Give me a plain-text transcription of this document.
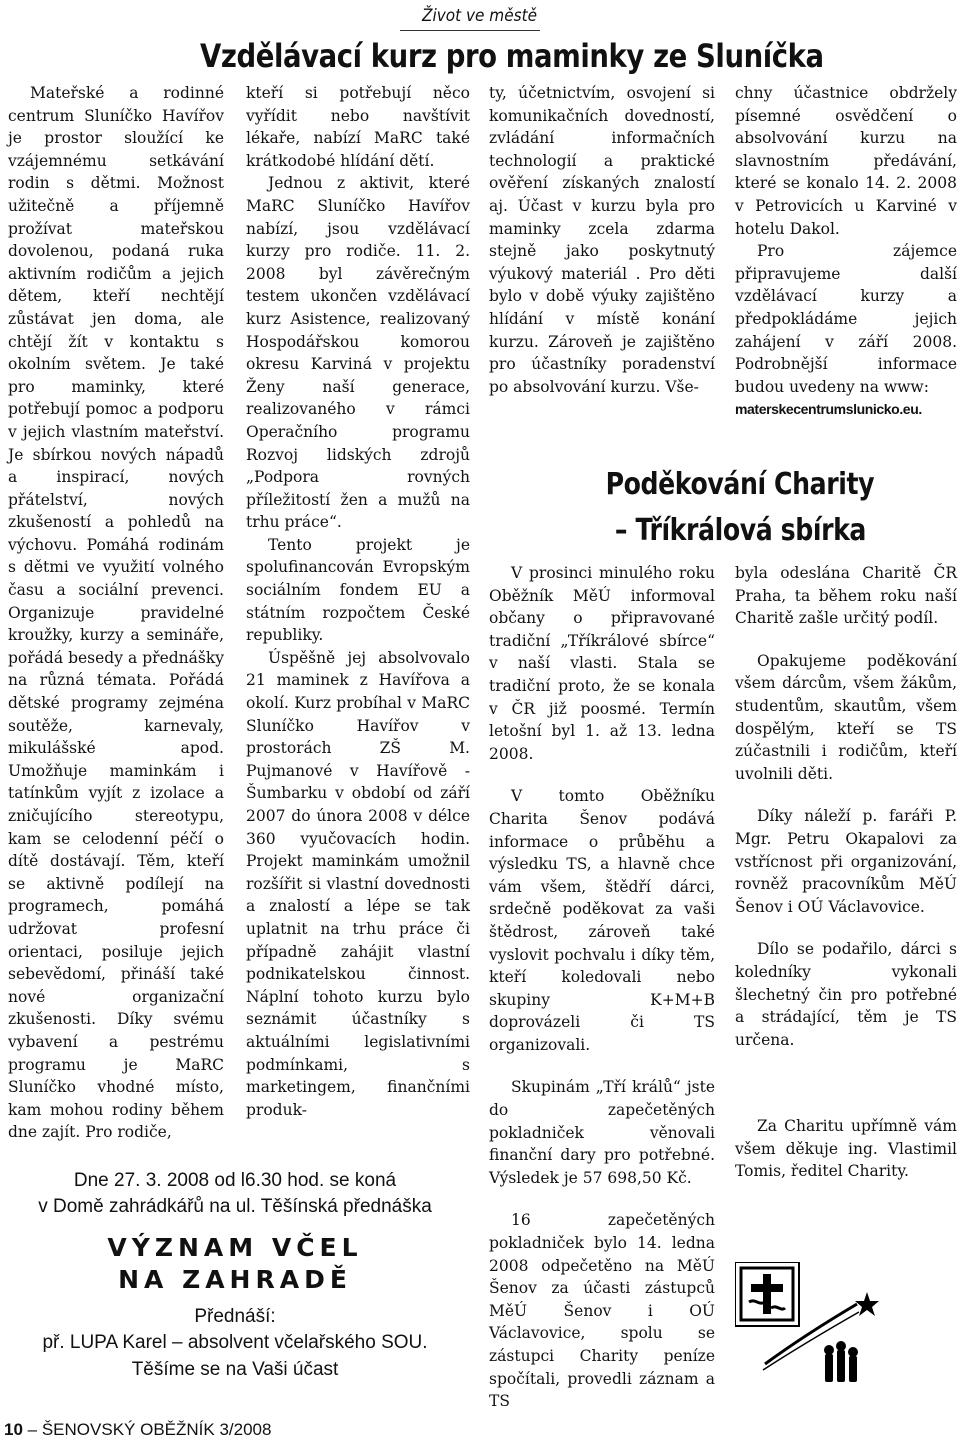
Život ve městě
Vzdělávací kurz pro maminky ze Sluníčka

Mateřské a rodinné centrum Sluníčko Havířov je prostor sloužící ke vzájemnému setkávání rodin s dětmi. Možnost užitečně a příjemně prožívat mateřskou dovolenou, podaná ruka aktivním rodičům a jejich dětem, kteří nechtějí zůstávat jen doma, ale chtějí žít v kontaktu s okolním světem. Je také pro maminky, které potřebují pomoc a podporu v jejich vlastním mateřství. Je sbírkou nových nápadů a inspirací, nových přátelství, nových zkušeností a pohledů na výchovu. Pomáhá rodinám s dětmi ve využití volného času a sociální prevenci. Organizuje pravidelné kroužky, kurzy a semináře, pořádá besedy a přednášky na různá témata. Pořádá dětské programy zejména soutěže, karnevaly, mikulášské apod. Umožňuje maminkám i tatínkům vyjít z izolace a zničujícího stereotypu, kam se celodenní péčí o dítě dostávají. Těm, kteří se aktivně podílejí na programech, pomáhá udržovat profesní orientaci, posiluje jejich sebevědomí, přináší také nové organizační zkušenosti. Díky svému vybavení a pestrému programu je MaRC Sluníčko vhodné místo, kam mohou rodiny během dne zajít. Pro rodiče,

kteří si potřebují něco vyřídit nebo navštívit lékaře, nabízí MaRC také krátkodobé hlídání dětí.

Jednou z aktivit, které MaRC Sluníčko Havířov nabízí, jsou vzdělávací kurzy pro rodiče. 11. 2. 2008 byl závěrečným testem ukončen vzdělávací kurz Asistence, realizovaný Hospodářskou komorou okresu Karviná v projektu Ženy naší generace, realizovaného v rámci Operačního programu Rozvoj lidských zdrojů „Podpora rovných příležitostí žen a mužů na trhu práce“.

Tento projekt je spolufinancován Evropským sociálním fondem EU a státním rozpočtem České republiky.

Úspěšně jej absolvovalo 21 maminek z Havířova a okolí. Kurz probíhal v MaRC Sluníčko Havířov v prostorách ZŠ M. Pujmanové v Havířově - Šumbarku v období od září 2007 do února 2008 v délce 360 vyučovacích hodin. Projekt maminkám umožnil rozšířit si vlastní dovednosti a znalostí a lépe se tak uplatnit na trhu práce či případně zahájit vlastní podnikatelskou činnost. Náplní tohoto kurzu bylo seznámit účastníky s aktuálními legislativními podmínkami, s marketingem, finančními produk-

ty, účetnictvím, osvojení si komunikačních dovedností, zvládání informačních technologií a praktické ověření získaných znalostí aj. Účast v kurzu byla pro maminky zcela zdarma stejně jako poskytnutý výukový materiál . Pro děti bylo v době výuky zajištěno hlídání v místě konání kurzu. Zároveň je zajištěno pro účastníky poradenství po absolvování kurzu. Vše-

chny účastnice obdržely písemné osvědčení o absolvování kurzu na slavnostním předávání, které se konalo 14. 2. 2008 v Petrovicích u Karviné v hotelu Dakol.

Pro zájemce připravujeme další vzdělávací kurzy a předpokládáme jejich zahájení v září 2008. Podrobnější informace budou uvedeny na www:

materskecentrumslunicko.eu.
Poděkování Charity
– Tříkrálová sbírka

V prosinci minulého roku Oběžník MěÚ informoval občany o připravované tradiční „Tříkrálové sbírce“ v naší vlasti. Stala se tradiční proto, že se konala v ČR již poosmé. Termín letošní byl 1. až 13. ledna 2008.

V tomto Oběžníku Charita Šenov podává informace o průběhu a výsledku TS, a hlavně chce vám všem, štědří dárci, srdečně poděkovat za vaši štědrost, zároveň také vyslovit pochvalu i díky těm, kteří koledovali nebo skupiny K+M+B doprovázeli či TS organizovali.

Skupinám „Tří králů“ jste do zapečetěných pokladniček věnovali finanční dary pro potřebné. Výsledek je 57 698,50 Kč.

16 zapečetěných pokladniček bylo 14. ledna 2008 odpečetěno na MěÚ Šenov za účasti zástupců MěÚ Šenov i OÚ Václavovice, spolu se zástupci Charity peníze spočítali, provedli záznam a TS

byla odeslána Charitě ČR Praha, ta během roku naší Charitě zašle určitý podíl.

Opakujeme poděkování všem dárcům, všem žákům, studentům, skautům, všem dospělým, kteří se TS zúčastnili i rodičům, kteří uvolnili děti.

Díky náleží p. faráři P. Mgr. Petru Okapalovi za vstřícnost při organizování, rovněž pracovníkům MěÚ Šenov i OÚ Václavovice.

Dílo se podařilo, dárci s koledníky vykonali šlechetný čin pro potřebné a strádající, těm je TS určena.

Za Charitu upřímně vám všem děkuje ing. Vlastimil Tomis, ředitel Charity.

Dne 27. 3. 2008 od l6.30 hod. se koná
v Domě zahrádkářů na ul. Těšínská přednáška
VÝZNAM VČEL
NA ZAHRADĚ
Přednáší:
př. LUPA Karel – absolvent včelařského SOU.
Těšíme se na Vaši účast
10 – ŠENOVSKÝ OBĚŽNÍK 3/2008
